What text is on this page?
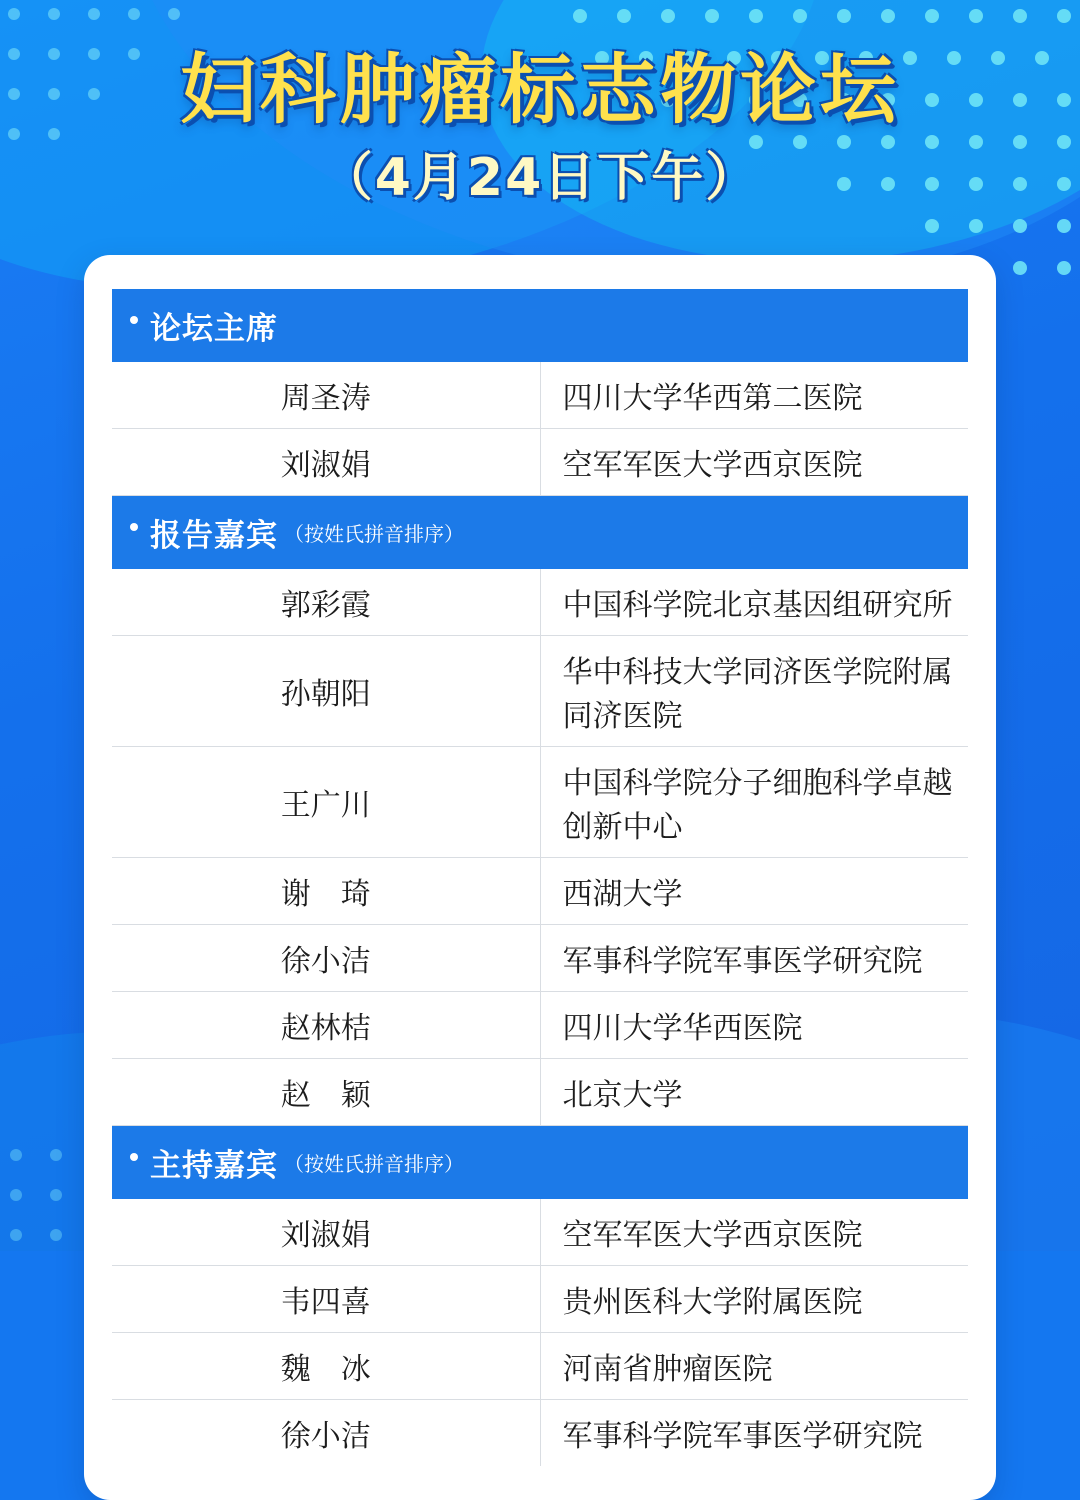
妇科肿瘤标志物论坛
（4月24日下午）
论坛主席	
周圣涛	四川大学华西第二医院
刘淑娟	空军军医大学西京医院
报告嘉宾 （按姓氏拼音排序）	
郭彩霞	中国科学院北京基因组研究所
孙朝阳	华中科技大学同济医学院附属同济医院
王广川	中国科学院分子细胞科学卓越创新中心
谢　琦	西湖大学
徐小洁	军事科学院军事医学研究院
赵林桔	四川大学华西医院
赵　颖	北京大学
主持嘉宾 （按姓氏拼音排序）	
刘淑娟	空军军医大学西京医院
韦四喜	贵州医科大学附属医院
魏　冰	河南省肿瘤医院
徐小洁	军事科学院军事医学研究院
